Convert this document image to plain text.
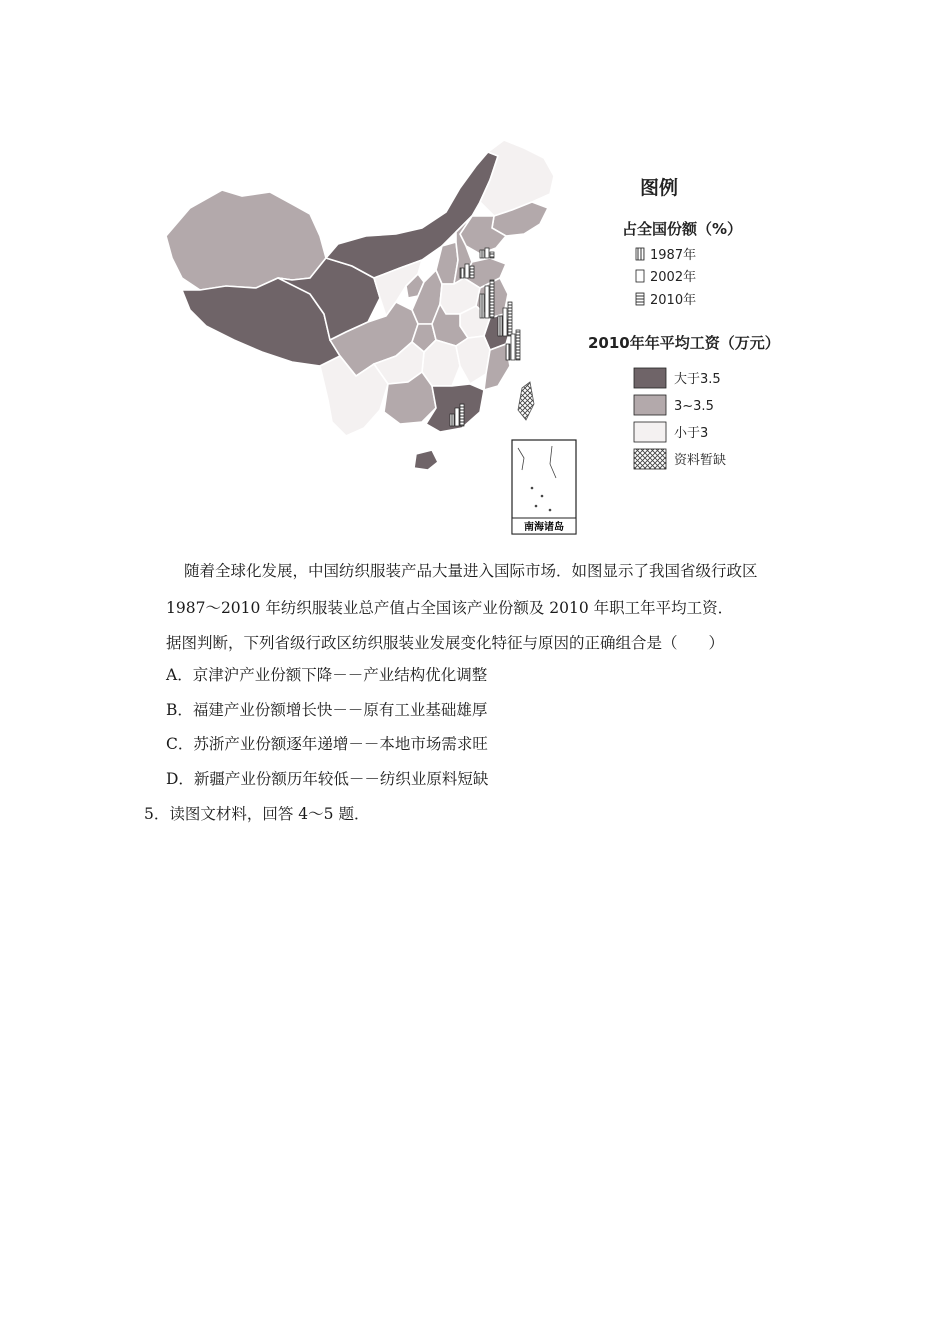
南海诸岛
图例
占全国份额（%）
1987年
2002年
2010年
2010年年平均工资（万元）
大于3.5
3~3.5
小于3
资料暂缺
随着全球化发展，中国纺织服装产品大量进入国际市场．如图显示了我国省级行政区
1987～2010 年纺织服装业总产值占全国该产业份额及 2010 年职工年平均工资．
据图判断，下列省级行政区纺织服装业发展变化特征与原因的正确组合是（　　）
A．京津沪产业份额下降－－产业结构优化调整
B．福建产业份额增长快－－原有工业基础雄厚
C．苏浙产业份额逐年递增－－本地市场需求旺
D．新疆产业份额历年较低－－纺织业原料短缺
5．读图文材料，回答 4～5 题．
